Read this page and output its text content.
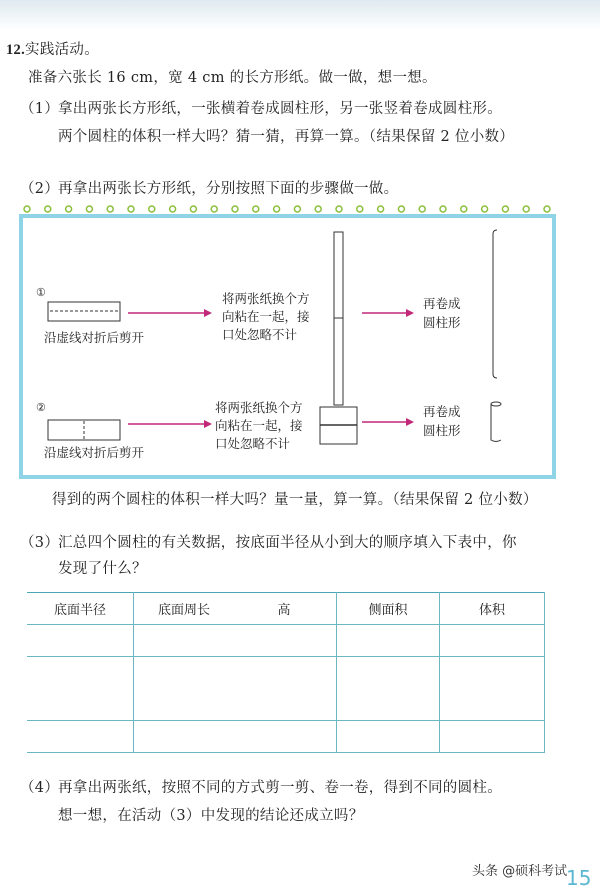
12.实践活动。
准备六张长 16 cm，宽 4 cm 的长方形纸。做一做，想一想。
（1）
拿出两张长方形纸，一张横着卷成圆柱形，另一张竖着卷成圆柱形。
两个圆柱的体积一样大吗？猜一猜，再算一算。（结果保留 2 位小数）
（2）
再拿出两张长方形纸，分别按照下面的步骤做一做。
①
沿虚线对折后剪开
将两张纸换个方
向粘在一起，接
口处忽略不计
再卷成
圆柱形
②
沿虚线对折后剪开
将两张纸换个方
向粘在一起，接
口处忽略不计
再卷成
圆柱形
得到的两个圆柱的体积一样大吗？量一量，算一算。（结果保留 2 位小数）
（3）
汇总四个圆柱的有关数据，按底面半径从小到大的顺序填入下表中，你
发现了什么？
底面半径	底面周长 高	侧面积	体积

（4）
再拿出两张纸，按照不同的方式剪一剪、卷一卷，得到不同的圆柱。
想一想，在活动（3）中发现的结论还成立吗？
头条 @硕科考试
15
